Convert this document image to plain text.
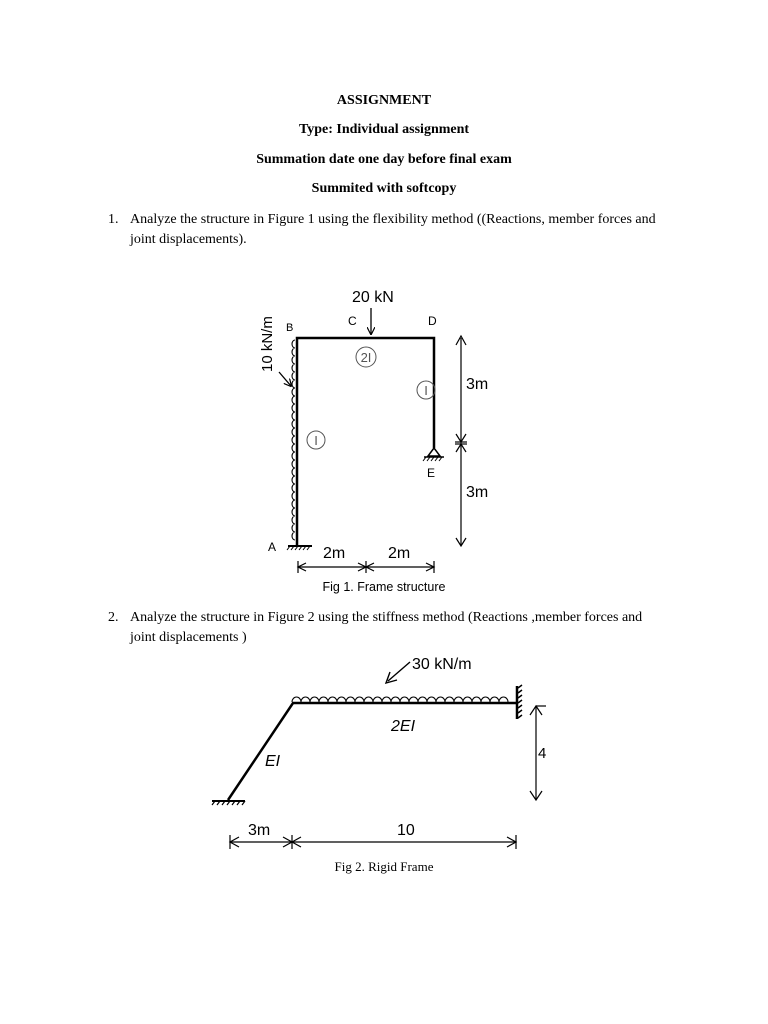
ASSIGNMENT
Type: Individual assignment
Summation date one day before final exam
Summited with softcopy
1. Analyze the structure in Figure 1 using the flexibility method ((Reactions, member forces and joint displacements).
10 kN/m
20 kN
B	C	D
E
A
2I
I
I
3m
3m
2m	2m
Fig 1. Frame structure
2. Analyze the structure in Figure 2 using the stiffness method (Reactions ,member forces and joint displacements )
30 kN/m
2EI
EI	4
3m	10
Fig 2. Rigid Frame
